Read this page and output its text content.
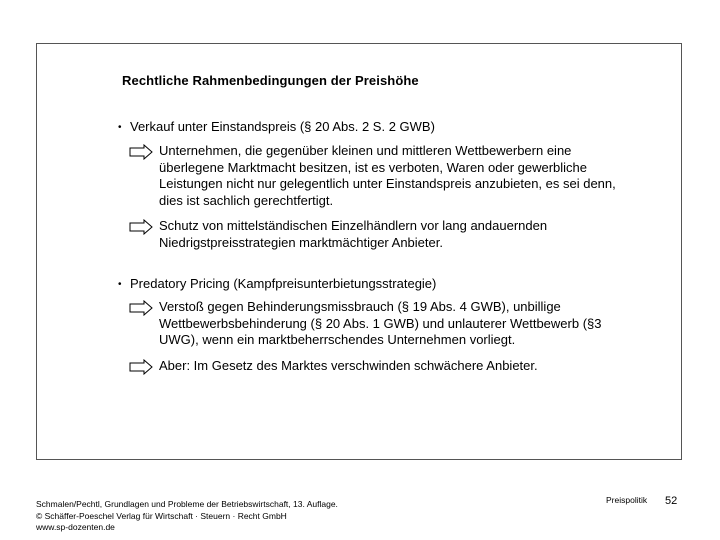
Rechtliche Rahmenbedingungen der Preishöhe
• Verkauf unter Einstandspreis (§ 20 Abs. 2 S. 2 GWB)
Unternehmen, die gegenüber kleinen und mittleren Wettbewerbern eine überlegene Marktmacht besitzen, ist es verboten, Waren oder gewerbliche Leistungen nicht nur gelegentlich unter Einstandspreis anzubieten, es sei denn, dies ist sachlich gerechtfertigt.
Schutz von mittelständischen Einzelhändlern vor lang andauernden Niedrigstpreisstrategien marktmächtiger Anbieter.
• Predatory Pricing (Kampfpreisunterbietungsstrategie)
Verstoß gegen Behinderungsmissbrauch (§ 19 Abs. 4 GWB), unbillige Wettbewerbsbehinderung (§ 20 Abs. 1 GWB) und unlauterer Wettbewerb (§3 UWG), wenn ein marktbeherrschendes Unternehmen vorliegt.
Aber: Im Gesetz des Marktes verschwinden schwächere Anbieter.
Schmalen/Pechtl, Grundlagen und Probleme der Betriebswirtschaft, 13. Auflage.
© Schäffer-Poeschel Verlag für Wirtschaft · Steuern · Recht GmbH
www.sp-dozenten.de
Preispolitik 52
